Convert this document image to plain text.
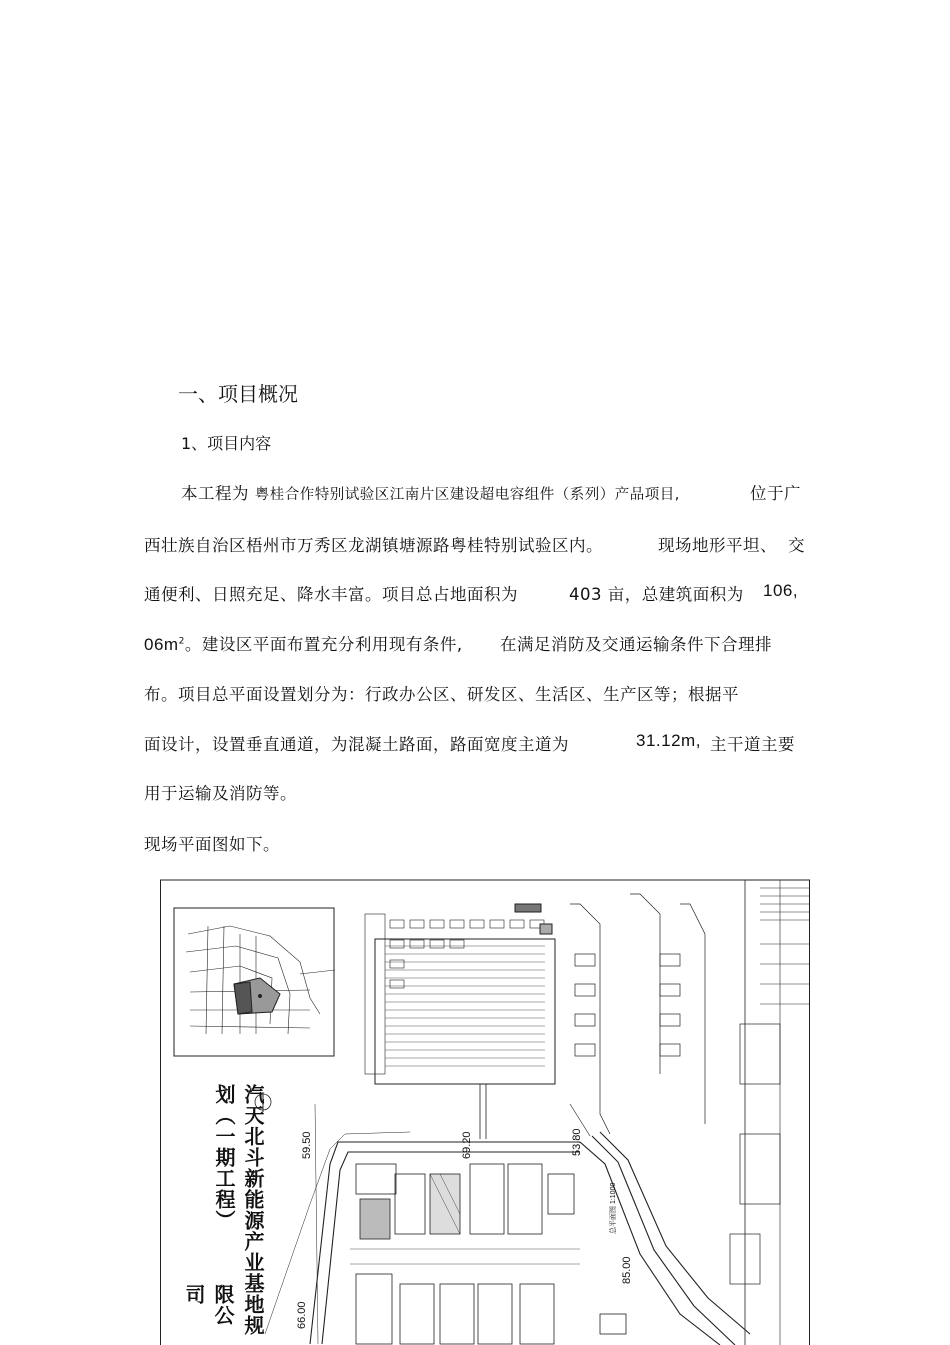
一、项目概况
1、项目内容
本工程为 粤桂合作特别试验区江南片区建设超电容组件（系列）产品项目,	位于广
西壮族自治区梧州市万秀区龙湖镇塘源路粤桂特别试验区内。	现场地形平坦、 交
通便利、日照充足、降水丰富。项目总占地面积为	403 亩，总建筑面积为 106,
$06m^2$。建设区平面布置充分利用现有条件, 在满足消防及交通运输条件下合理排
布。项目总平面设置划分为：行政办公区、研发区、生活区、生产区等；根据平
面设计，设置垂直通道，为混凝土路面，路面宽度主道为	31.12m, 主干道主要
用于运输及消防等。
现场平面图如下。
59.50	69.20	53.80
66.00
85.00
总平面图 1:1000
汽天北斗新能源产业基地规划（一期工程）
限公司
